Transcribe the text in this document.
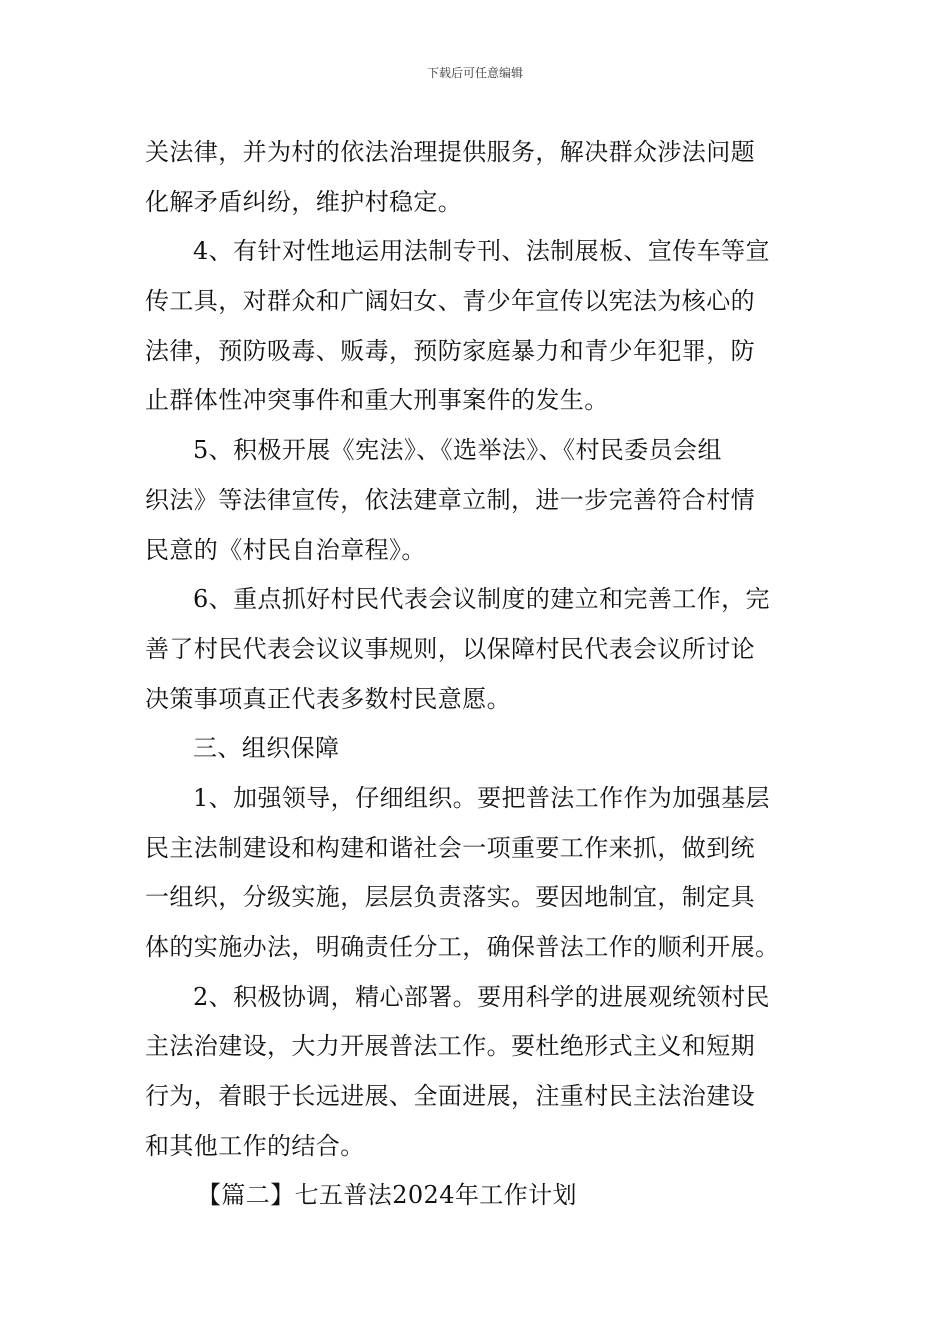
下载后可任意编辑
关法律，并为村的依法治理提供服务，解决群众涉法问题
化解矛盾纠纷，维护村稳定。
4、有针对性地运用法制专刊、法制展板、宣传车等宣
传工具，对群众和广阔妇女、青少年宣传以宪法为核心的
法律，预防吸毒、贩毒，预防家庭暴力和青少年犯罪，防
止群体性冲突事件和重大刑事案件的发生。
5、积极开展《宪法》、《选举法》、《村民委员会组
织法》等法律宣传，依法建章立制，进一步完善符合村情
民意的《村民自治章程》。
6、重点抓好村民代表会议制度的建立和完善工作，完
善了村民代表会议议事规则，以保障村民代表会议所讨论
决策事项真正代表多数村民意愿。
三、组织保障
1、加强领导，仔细组织。要把普法工作作为加强基层
民主法制建设和构建和谐社会一项重要工作来抓，做到统
一组织，分级实施，层层负责落实。要因地制宜，制定具
体的实施办法，明确责任分工，确保普法工作的顺利开展。
2、积极协调，精心部署。要用科学的进展观统领村民
主法治建设，大力开展普法工作。要杜绝形式主义和短期
行为，着眼于长远进展、全面进展，注重村民主法治建设
和其他工作的结合。
【篇二】七五普法2024年工作计划
